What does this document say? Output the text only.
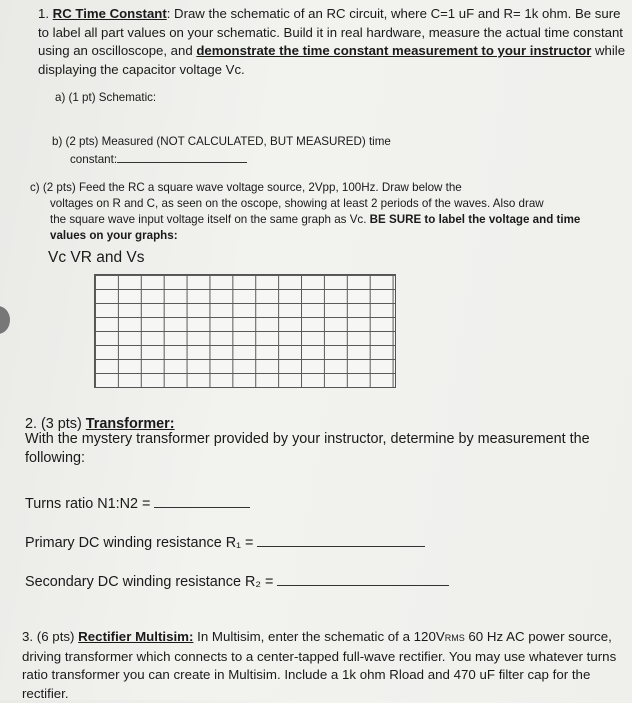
1. RC Time Constant: Draw the schematic of an RC circuit, where C=1 uF and R= 1k ohm. Be sure to label all part values on your schematic. Build it in real hardware, measure the actual time constant using an oscilloscope, and demonstrate the time constant measurement to your instructor while displaying the capacitor voltage Vc.
a) (1 pt) Schematic:
b) (2 pts) Measured (NOT CALCULATED, BUT MEASURED) time
constant:
c) (2 pts) Feed the RC a square wave voltage source, 2Vpp, 100Hz. Draw below the
voltages on R and C, as seen on the oscope, showing at least 2 periods of the waves. Also draw
the square wave input voltage itself on the same graph as Vc. BE SURE to label the voltage and time values on your graphs:
Vc VR and Vs
2. (3 pts) Transformer:
With the mystery transformer provided by your instructor, determine by measurement the following:
Turns ratio N1:N2 =
Primary DC winding resistance R₁ =
Secondary DC winding resistance R₂ =
3. (6 pts) Rectifier Multisim: In Multisim, enter the schematic of a 120VRMS 60 Hz AC power source, driving transformer which connects to a center-tapped full-wave rectifier. You may use whatever turns ratio transformer you can create in Multisim. Include a 1k ohm Rload and 470 uF filter cap for the rectifier.
